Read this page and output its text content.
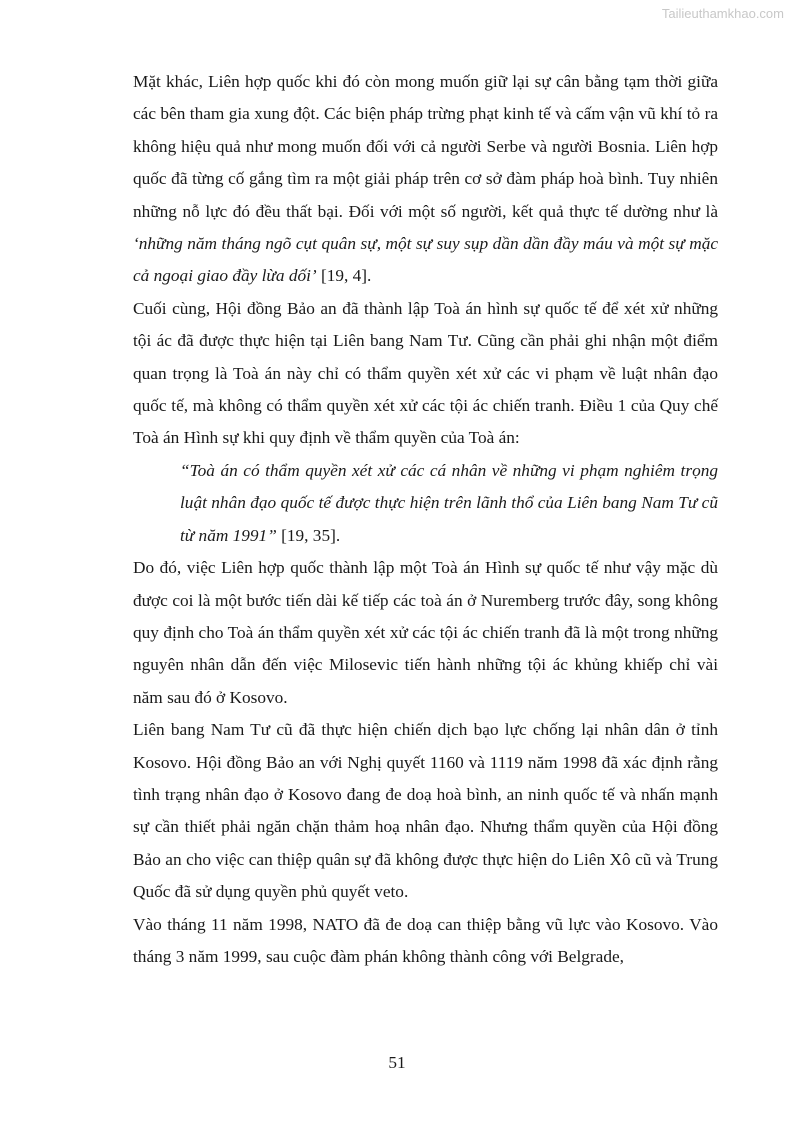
Tailieuthamkhao.com

Mặt khác, Liên hợp quốc khi đó còn mong muốn giữ lại sự cân bằng tạm thời giữa các bên tham gia xung đột. Các biện pháp trừng phạt kinh tế và cấm vận vũ khí tỏ ra không hiệu quả như mong muốn đối với cả người Serbe và người Bosnia. Liên hợp quốc đã từng cố gắng tìm ra một giải pháp trên cơ sở đàm pháp hoà bình. Tuy nhiên những nỗ lực đó đều thất bại. Đối với một số người, kết quả thực tế dường như là ‘những năm tháng ngõ cụt quân sự, một sự suy sụp dần dần đầy máu và một sự mặc cả ngoại giao đầy lừa dối’ [19, 4].

Cuối cùng, Hội đồng Bảo an đã thành lập Toà án hình sự quốc tế để xét xử những tội ác đã được thực hiện tại Liên bang Nam Tư. Cũng cần phải ghi nhận một điểm quan trọng là Toà án này chỉ có thẩm quyền xét xử các vi phạm về luật nhân đạo quốc tế, mà không có thẩm quyền xét xử các tội ác chiến tranh. Điều 1 của Quy chế Toà án Hình sự khi quy định về thẩm quyền của Toà án:

“Toà án có thẩm quyền xét xử các cá nhân về những vi phạm nghiêm trọng luật nhân đạo quốc tế được thực hiện trên lãnh thổ của Liên bang Nam Tư cũ từ năm 1991” [19, 35].

Do đó, việc Liên hợp quốc thành lập một Toà án Hình sự quốc tế như vậy mặc dù được coi là một bước tiến dài kế tiếp các toà án ở Nuremberg trước đây, song không quy định cho Toà án thẩm quyền xét xử các tội ác chiến tranh đã là một trong những nguyên nhân dẫn đến việc Milosevic tiến hành những tội ác khủng khiếp chỉ vài năm sau đó ở Kosovo.

Liên bang Nam Tư cũ đã thực hiện chiến dịch bạo lực chống lại nhân dân ở tỉnh Kosovo. Hội đồng Bảo an với Nghị quyết 1160 và 1119 năm 1998 đã xác định rằng tình trạng nhân đạo ở Kosovo đang đe doạ hoà bình, an ninh quốc tế và nhấn mạnh sự cần thiết phải ngăn chặn thảm hoạ nhân đạo. Nhưng thẩm quyền của Hội đồng Bảo an cho việc can thiệp quân sự đã không được thực hiện do Liên Xô cũ và Trung Quốc đã sử dụng quyền phủ quyết veto.

Vào tháng 11 năm 1998, NATO đã đe doạ can thiệp bằng vũ lực vào Kosovo. Vào tháng 3 năm 1999, sau cuộc đàm phán không thành công với Belgrade,

51
